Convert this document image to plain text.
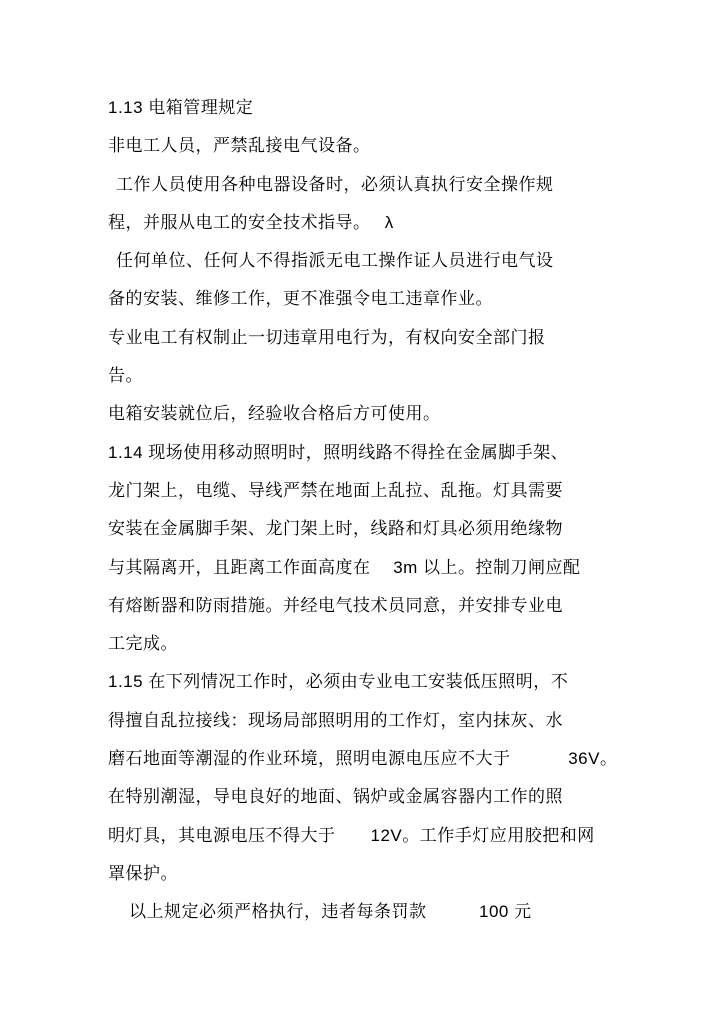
1.13 电箱管理规定
非电工人员，严禁乱接电气设备。
工作人员使用各种电器设备时，必须认真执行安全操作规
程，并服从电工的安全技术指导。　 λ
任何单位、任何人不得指派无电工操作证人员进行电气设
备的安装、维修工作，更不准强令电工违章作业。
专业电工有权制止一切违章用电行为，有权向安全部门报
告。
电箱安装就位后，经验收合格后方可使用。
1.14 现场使用移动照明时，照明线路不得拴在金属脚手架、
龙门架上，电缆、导线严禁在地面上乱拉、乱拖。灯具需要
安装在金属脚手架、龙门架上时，线路和灯具必须用绝缘物
与其隔离开，且距离工作面高度在　 3m 以上。控制刀闸应配
有熔断器和防雨措施。并经电气技术员同意，并安排专业电
工完成。
1.15 在下列情况工作时，必须由专业电工安装低压照明，不
得擅自乱拉接线：现场局部照明用的工作灯，室内抹灰、水
磨石地面等潮湿的作业环境，照明电源电压应不大于　　　 36V。
在特别潮湿，导电良好的地面、锅炉或金属容器内工作的照
明灯具，其电源电压不得大于　　12V。工作手灯应用胶把和网
罩保护。
以上规定必须严格执行，违者每条罚款　　　100 元
